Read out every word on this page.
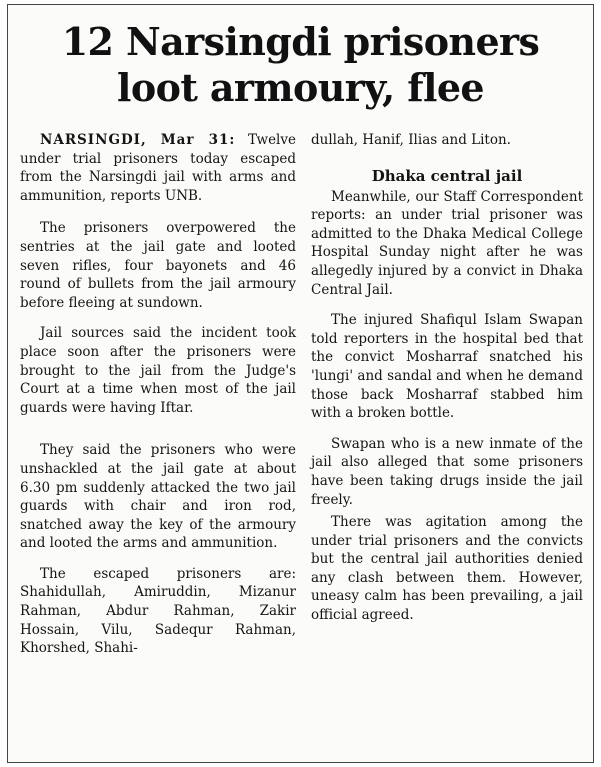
12 Narsingdi prisoners
loot armoury, flee

NARSINGDI, Mar 31: Twelve under trial prisoners today escaped from the Narsingdi jail with arms and ammunition, reports UNB.

The prisoners overpowered the sentries at the jail gate and looted seven rifles, four bayonets and 46 round of bullets from the jail armoury before fleeing at sundown.

Jail sources said the incident took place soon after the prisoners were brought to the jail from the Judge's Court at a time when most of the jail guards were having Iftar.

They said the prisoners who were unshackled at the jail gate at about 6.30 pm suddenly attacked the two jail guards with chair and iron rod, snatched away the key of the armoury and looted the arms and ammunition.

The escaped prisoners are: Shahidullah, Amiruddin, Mizanur Rahman, Abdur Rahman, Zakir Hossain, Vilu, Sadequr Rahman, Khorshed, Shahi-

dullah, Hanif, Ilias and Liton.

Dhaka central jail

Meanwhile, our Staff Correspondent reports: an under trial prisoner was admitted to the Dhaka Medical College Hospital Sunday night after he was allegedly injured by a convict in Dhaka Central Jail.

The injured Shafiqul Islam Swapan told reporters in the hospital bed that the convict Mosharraf snatched his 'lungi' and sandal and when he demand those back Mosharraf stabbed him with a broken bottle.

Swapan who is a new inmate of the jail also alleged that some prisoners have been taking drugs inside the jail freely.

There was agitation among the under trial prisoners and the convicts but the central jail authorities denied any clash between them. However, uneasy calm has been prevailing, a jail official agreed.
